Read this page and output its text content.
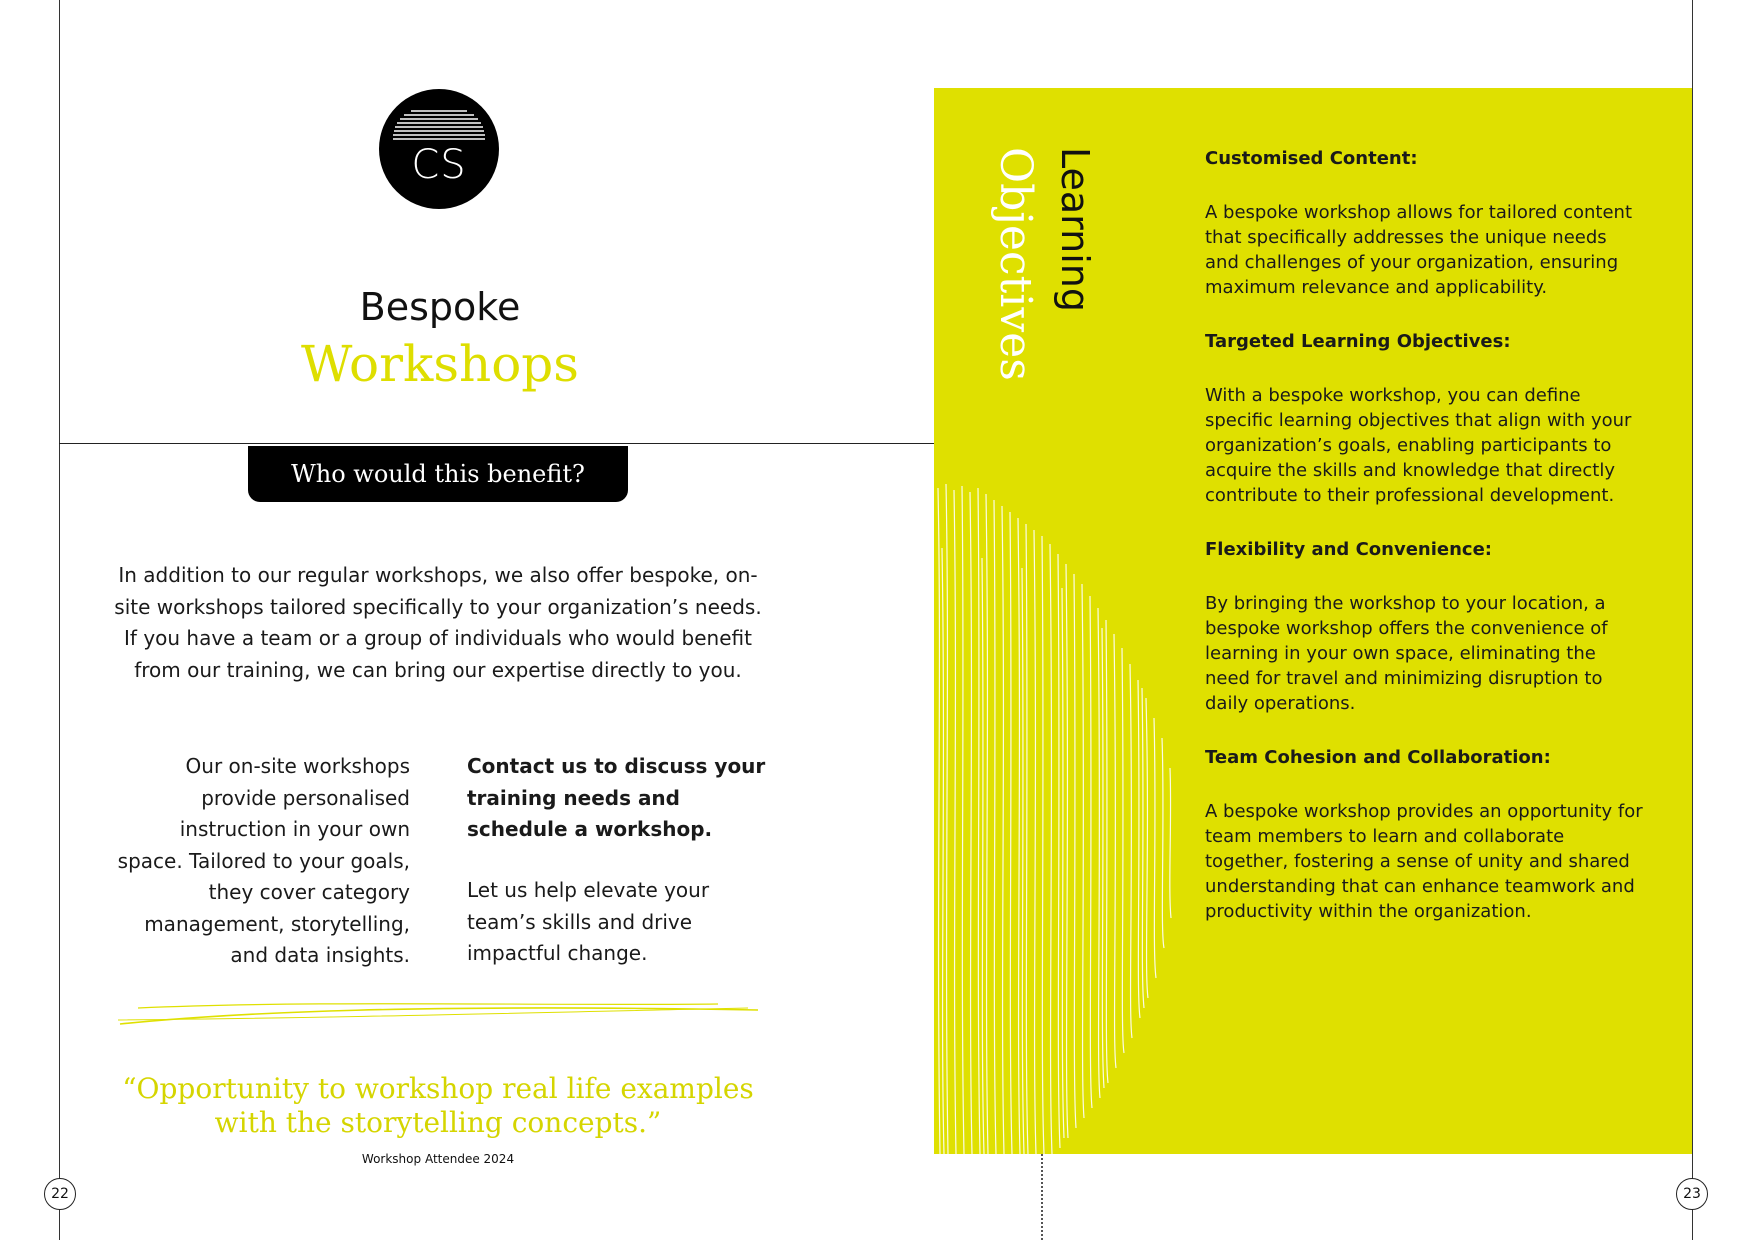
CS
Bespoke
Workshops
Who would this benefit?
In addition to our regular workshops, we also offer bespoke, on-site workshops tailored specifically to your organization’s needs. If you have a team or a group of individuals who would benefit from our training, we can bring our expertise directly to you.
Our on-site workshops provide personalised instruction in your own space. Tailored to your goals, they cover category management, storytelling, and data insights.
Contact us to discuss your training needs and schedule a workshop.
Let us help elevate your team’s skills and drive impactful change.
“Opportunity to workshop real life examples with the storytelling concepts.”
Workshop Attendee 2024
22	23
Learning
Objectives	Customised Content:

A bespoke workshop allows for tailored content that specifically addresses the unique needs and challenges of your organization, ensuring maximum relevance and applicability.

Targeted Learning Objectives:

With a bespoke workshop, you can define specific learning objectives that align with your organization’s goals, enabling participants to acquire the skills and knowledge that directly contribute to their professional development.

Flexibility and Convenience:

By bringing the workshop to your location, a bespoke workshop offers the convenience of learning in your own space, eliminating the need for travel and minimizing disruption to daily operations.

Team Cohesion and Collaboration:

A bespoke workshop provides an opportunity for team members to learn and collaborate together, fostering a sense of unity and shared understanding that can enhance teamwork and productivity within the organization.
